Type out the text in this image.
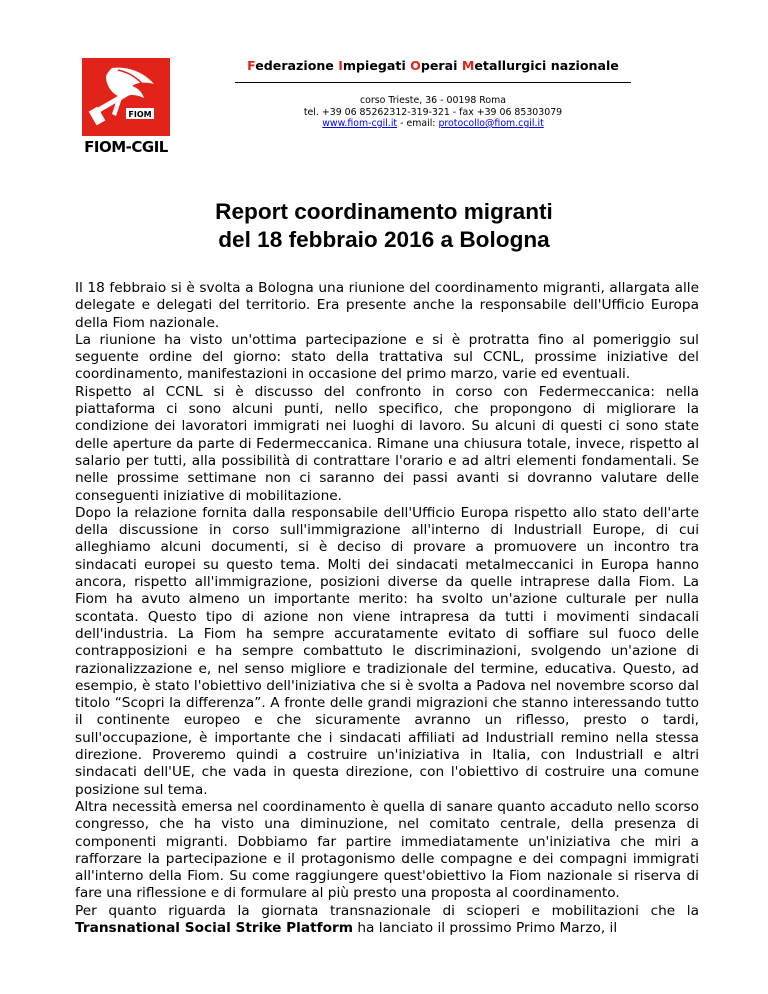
FIOM
FIOM-CGIL
Federazione Impiegati Operai Metallurgici nazionale
corso Trieste, 36 - 00198 Roma
tel. +39 06 85262312-319-321 - fax +39 06 85303079
www.fiom-cgil.it - email: protocollo@fiom.cgil.it
Report coordinamento migranti
del 18 febbraio 2016 a Bologna

Il 18 febbraio si è svolta a Bologna una riunione del coordinamento migranti, allargata alle delegate e delegati del territorio. Era presente anche la responsabile dell'Ufficio Europa della Fiom nazionale.

La riunione ha visto un'ottima partecipazione e si è protratta fino al pomeriggio sul seguente ordine del giorno: stato della trattativa sul CCNL, prossime iniziative del coordinamento, manifestazioni in occasione del primo marzo, varie ed eventuali.

Rispetto al CCNL si è discusso del confronto in corso con Federmeccanica: nella piattaforma ci sono alcuni punti, nello specifico, che propongono di migliorare la condizione dei lavoratori immigrati nei luoghi di lavoro. Su alcuni di questi ci sono state delle aperture da parte di Federmeccanica. Rimane una chiusura totale, invece, rispetto al salario per tutti, alla possibilità di contrattare l'orario e ad altri elementi fondamentali. Se nelle prossime settimane non ci saranno dei passi avanti si dovranno valutare delle conseguenti iniziative di mobilitazione.

Dopo la relazione fornita dalla responsabile dell'Ufficio Europa rispetto allo stato dell'arte della discussione in corso sull'immigrazione all'interno di Industriall Europe, di cui alleghiamo alcuni documenti, si è deciso di provare a promuovere un incontro tra sindacati europei su questo tema. Molti dei sindacati metalmeccanici in Europa hanno ancora, rispetto all'immigrazione, posizioni diverse da quelle intraprese dalla Fiom. La Fiom ha avuto almeno un importante merito: ha svolto un'azione culturale per nulla scontata. Questo tipo di azione non viene intrapresa da tutti i movimenti sindacali dell'industria. La Fiom ha sempre accuratamente evitato di soffiare sul fuoco delle contrapposizioni e ha sempre combattuto le discriminazioni, svolgendo un'azione di razionalizzazione e, nel senso migliore e tradizionale del termine, educativa. Questo, ad esempio, è stato l'obiettivo dell'iniziativa che si è svolta a Padova nel novembre scorso dal titolo “Scopri la differenza”. A fronte delle grandi migrazioni che stanno interessando tutto il continente europeo e che sicuramente avranno un riflesso, presto o tardi, sull'occupazione, è importante che i sindacati affiliati ad Industriall remino nella stessa direzione. Proveremo quindi a costruire un'iniziativa in Italia, con Industriall e altri sindacati dell'UE, che vada in questa direzione, con l'obiettivo di costruire una comune posizione sul tema.

Altra necessità emersa nel coordinamento è quella di sanare quanto accaduto nello scorso congresso, che ha visto una diminuzione, nel comitato centrale, della presenza di componenti migranti. Dobbiamo far partire immediatamente un'iniziativa che miri a rafforzare la partecipazione e il protagonismo delle compagne e dei compagni immigrati all'interno della Fiom. Su come raggiungere quest'obiettivo la Fiom nazionale si riserva di fare una riflessione e di formulare al più presto una proposta al coordinamento.

Per quanto riguarda la giornata transnazionale di scioperi e mobilitazioni che la Transnational Social Strike Platform ha lanciato il prossimo Primo Marzo, il
